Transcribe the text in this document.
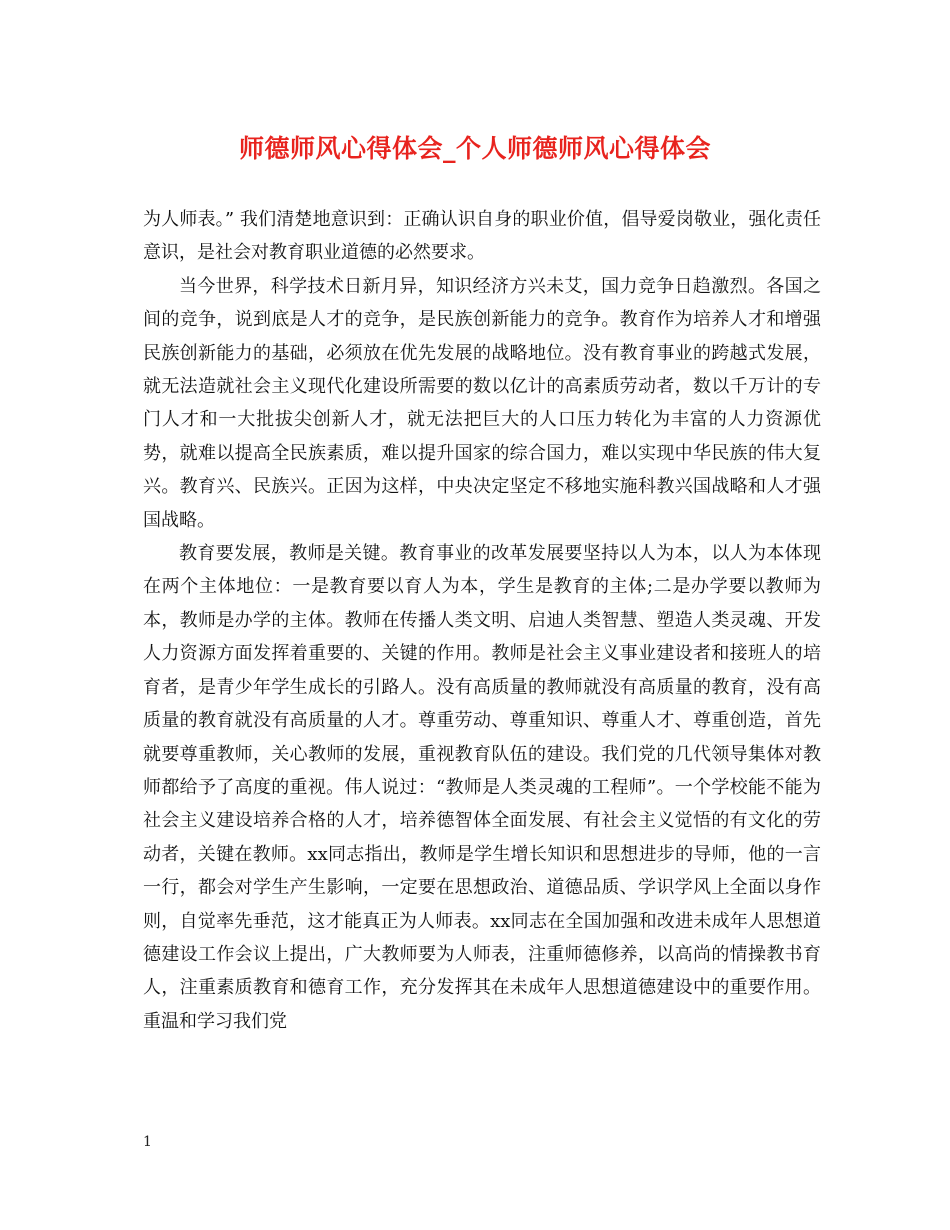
师德师风心得体会_个人师德师风心得体会

为人师表。” 我们清楚地意识到：正确认识自身的职业价值，倡导爱岗敬业，强化责任意识，是社会对教育职业道德的必然要求。

当今世界，科学技术日新月异，知识经济方兴未艾，国力竞争日趋激烈。各国之间的竞争，说到底是人才的竞争，是民族创新能力的竞争。教育作为培养人才和增强民族创新能力的基础，必须放在优先发展的战略地位。没有教育事业的跨越式发展，就无法造就社会主义现代化建设所需要的数以亿计的高素质劳动者，数以千万计的专门人才和一大批拔尖创新人才，就无法把巨大的人口压力转化为丰富的人力资源优势，就难以提高全民族素质，难以提升国家的综合国力，难以实现中华民族的伟大复兴。教育兴、民族兴。正因为这样，中央决定坚定不移地实施科教兴国战略和人才强国战略。

教育要发展，教师是关键。教育事业的改革发展要坚持以人为本，以人为本体现在两个主体地位：一是教育要以育人为本，学生是教育的主体;二是办学要以教师为本，教师是办学的主体。教师在传播人类文明、启迪人类智慧、塑造人类灵魂、开发人力资源方面发挥着重要的、关键的作用。教师是社会主义事业建设者和接班人的培育者，是青少年学生成长的引路人。没有高质量的教师就没有高质量的教育，没有高质量的教育就没有高质量的人才。尊重劳动、尊重知识、尊重人才、尊重创造，首先就要尊重教师，关心教师的发展，重视教育队伍的建设。我们党的几代领导集体对教师都给予了高度的重视。伟人说过：“教师是人类灵魂的工程师”。一个学校能不能为社会主义建设培养合格的人才，培养德智体全面发展、有社会主义觉悟的有文化的劳动者，关键在教师。xx同志指出，教师是学生增长知识和思想进步的导师，他的一言一行，都会对学生产生影响，一定要在思想政治、道德品质、学识学风上全面以身作则，自觉率先垂范，这才能真正为人师表。xx同志在全国加强和改进未成年人思想道德建设工作会议上提出，广大教师要为人师表，注重师德修养，以高尚的情操教书育人，注重素质教育和德育工作，充分发挥其在未成年人思想道德建设中的重要作用。重温和学习我们党

1
